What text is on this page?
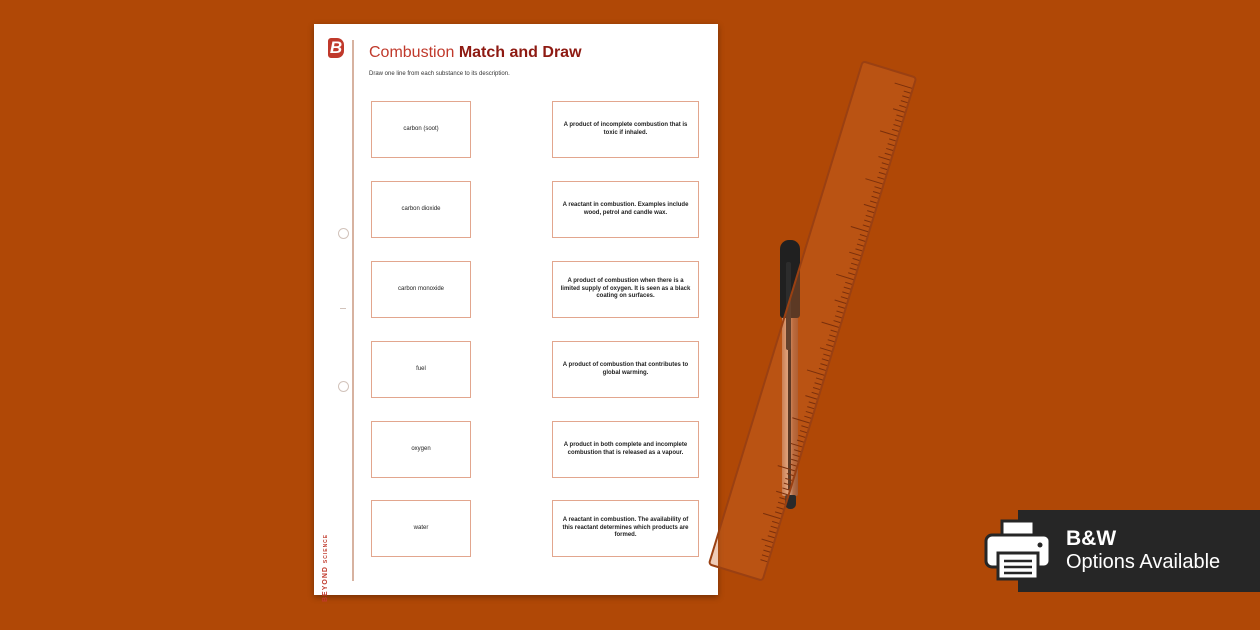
B
BEYOND SCIENCE
Combustion Match and Draw
Draw one line from each substance to its description.
carbon (soot)
carbon dioxide
carbon monoxide
fuel
oxygen
water
A product of incomplete combustion that is toxic if inhaled.
A reactant in combustion. Examples include wood, petrol and candle wax.
A product of combustion when there is a limited supply of oxygen. It is seen as a black coating on surfaces.
A product of combustion that contributes to global warming.
A product in both complete and incomplete combustion that is released as a vapour.
A reactant in combustion. The availability of this reactant determines which products are formed.	B&W
Options Available
